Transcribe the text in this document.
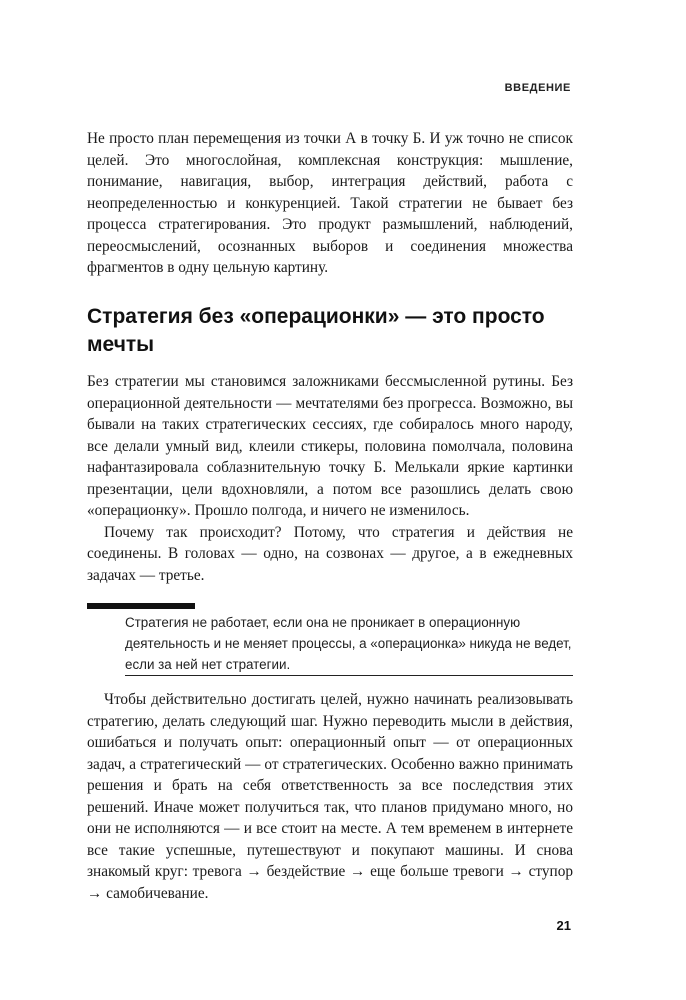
ВВЕДЕНИЕ

Не просто план перемещения из точки А в точку Б. И уж точно не список целей. Это многослойная, комплексная конструкция: мышление, понимание, навигация, выбор, интеграция действий, работа с неопределенностью и конкуренцией. Такой стратегии не бывает без процесса стратегирования. Это продукт размышлений, наблюдений, переосмыслений, осознанных выборов и соединения множества фрагментов в одну цельную картину.

Стратегия без «операционки» — это просто мечты

Без стратегии мы становимся заложниками бессмысленной рутины. Без операционной деятельности — мечтателями без прогресса. Возможно, вы бывали на таких стратегических сессиях, где собиралось много народу, все делали умный вид, клеили стикеры, половина помолчала, половина нафантазировала соблазнительную точку Б. Мелькали яркие картинки презентации, цели вдохновляли, а потом все разошлись делать свою «операционку». Прошло полгода, и ничего не изменилось.

Почему так происходит? Потому, что стратегия и действия не соединены. В головах — одно, на созвонах — другое, а в ежедневных задачах — третье.

Стратегия не работает, если она не проникает в операционную деятельность и не меняет процессы, а «операционка» никуда не ведет, если за ней нет стратегии.

Чтобы действительно достигать целей, нужно начинать реализовывать стратегию, делать следующий шаг. Нужно переводить мысли в действия, ошибаться и получать опыт: операционный опыт — от операционных задач, а стратегический — от стратегических. Особенно важно принимать решения и брать на себя ответственность за все последствия этих решений. Иначе может получиться так, что планов придумано много, но они не исполняются — и все стоит на месте. А тем временем в интернете все такие успешные, путешествуют и покупают машины. И снова знакомый круг: тревога → бездействие → еще больше тревоги → ступор → самобичевание.

21
